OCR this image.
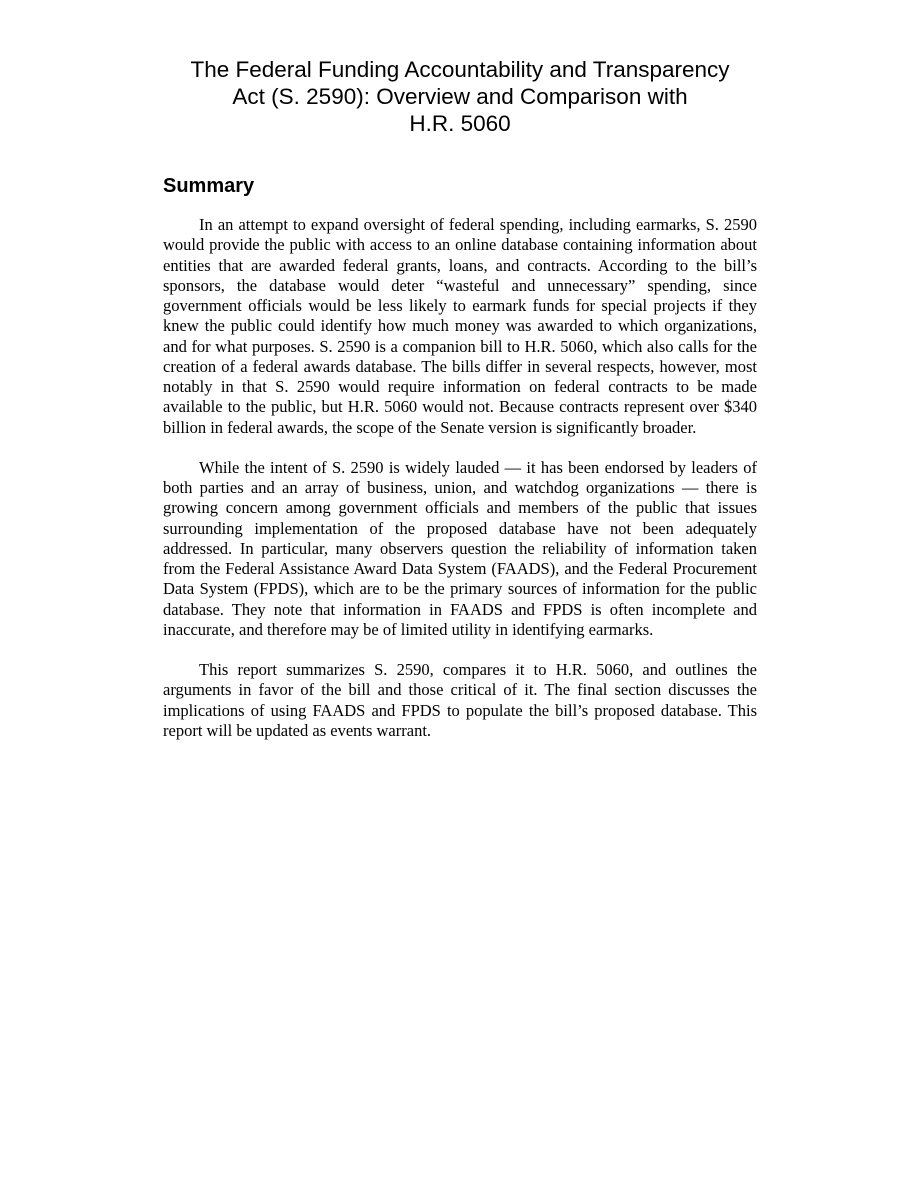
The Federal Funding Accountability and Transparency
Act (S. 2590): Overview and Comparison with
H.R. 5060
Summary

In an attempt to expand oversight of federal spending, including earmarks, S. 2590 would provide the public with access to an online database containing information about entities that are awarded federal grants, loans, and contracts. According to the bill’s sponsors, the database would deter “wasteful and unnecessary” spending, since government officials would be less likely to earmark funds for special projects if they knew the public could identify how much money was awarded to which organizations, and for what purposes. S. 2590 is a companion bill to H.R. 5060, which also calls for the creation of a federal awards database. The bills differ in several respects, however, most notably in that S. 2590 would require information on federal contracts to be made available to the public, but H.R. 5060 would not. Because contracts represent over $340 billion in federal awards, the scope of the Senate version is significantly broader.

While the intent of S. 2590 is widely lauded — it has been endorsed by leaders of both parties and an array of business, union, and watchdog organizations — there is growing concern among government officials and members of the public that issues surrounding implementation of the proposed database have not been adequately addressed. In particular, many observers question the reliability of information taken from the Federal Assistance Award Data System (FAADS), and the Federal Procurement Data System (FPDS), which are to be the primary sources of information for the public database. They note that information in FAADS and FPDS is often incomplete and inaccurate, and therefore may be of limited utility in identifying earmarks.

This report summarizes S. 2590, compares it to H.R. 5060, and outlines the arguments in favor of the bill and those critical of it. The final section discusses the implications of using FAADS and FPDS to populate the bill’s proposed database. This report will be updated as events warrant.
